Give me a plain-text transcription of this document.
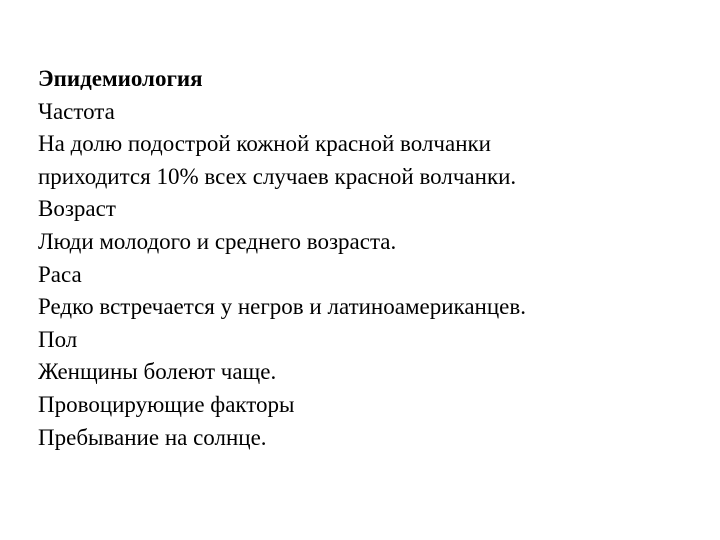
Эпидемиология
Частота
На долю подострой кожной красной волчанки
приходится 10% всех случаев красной волчанки.
Возраст
Люди молодого и среднего возраста.
Раса
Редко встречается у негров и латиноамериканцев.
Пол
Женщины болеют чаще.
Провоцирующие факторы
Пребывание на солнце.
